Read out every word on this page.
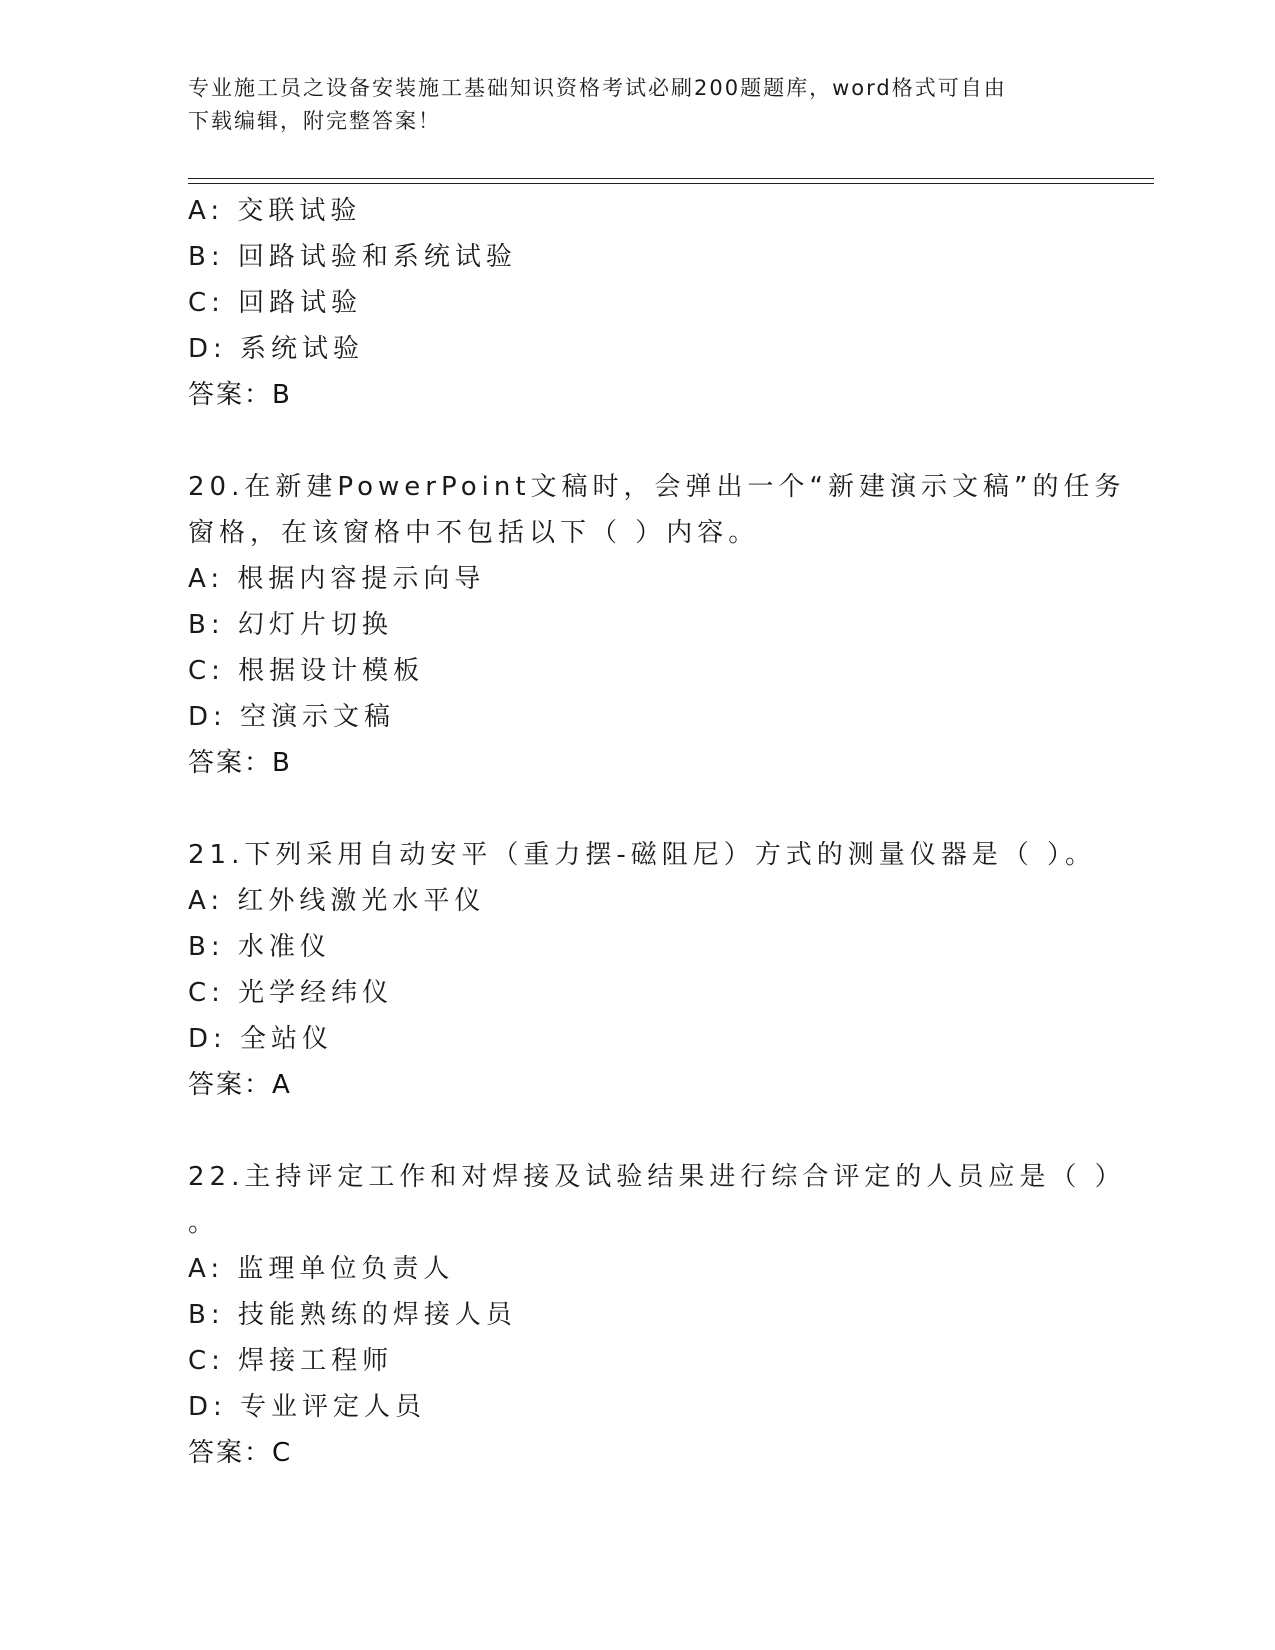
专业施工员之设备安装施工基础知识资格考试必刷200题题库，word格式可自由
下载编辑，附完整答案！
A: 交联试验
B: 回路试验和系统试验
C: 回路试验
D: 系统试验
答案：B
20.在新建PowerPoint文稿时，会弹出一个“新建演示文稿”的任务
窗格，在该窗格中不包括以下（ ）内容。
A: 根据内容提示向导
B: 幻灯片切换
C: 根据设计模板
D: 空演示文稿
答案：B
21.下列采用自动安平（重力摆-磁阻尼）方式的测量仪器是（ ）。
A: 红外线激光水平仪
B: 水准仪
C: 光学经纬仪
D: 全站仪
答案：A
22.主持评定工作和对焊接及试验结果进行综合评定的人员应是（ ）
。
A: 监理单位负责人
B: 技能熟练的焊接人员
C: 焊接工程师
D: 专业评定人员
答案：C
